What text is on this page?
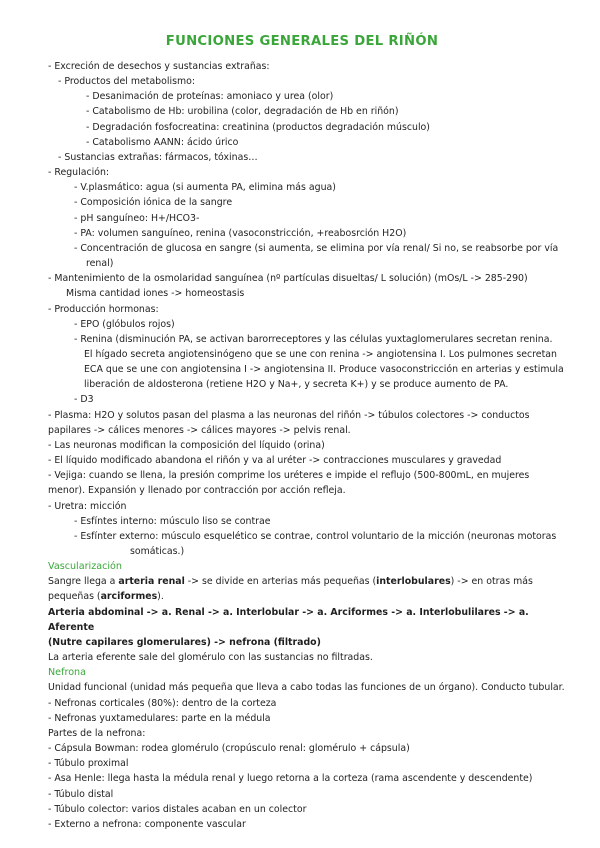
FUNCIONES GENERALES DEL RIÑÓN
- Excreción de desechos y sustancias extrañas:
- Productos del metabolismo:
- Desanimación de proteínas: amoniaco y urea (olor)
- Catabolismo de Hb: urobilina (color, degradación de Hb en riñón)
- Degradación fosfocreatina: creatinina (productos degradación músculo)
- Catabolismo AANN: ácido úrico
- Sustancias extrañas: fármacos, tóxinas…
- Regulación:
- V.plasmático: agua (si aumenta PA, elimina más agua)
- Composición iónica de la sangre
- pH sanguíneo: H+/HCO3-
- PA: volumen sanguíneo, renina (vasoconstricción, +reabosrción H2O)
- Concentración de glucosa en sangre (si aumenta, se elimina por vía renal/ Si no, se reabsorbe por vía
renal)
- Mantenimiento de la osmolaridad sanguínea (nº partículas disueltas/ L solución) (mOs/L -> 285-290)
Misma cantidad iones -> homeostasis
- Producción hormonas:
- EPO (glóbulos rojos)
- Renina (disminución PA, se activan barorreceptores y las células yuxtaglomerulares secretan renina.
El hígado secreta angiotensinógeno que se une con renina -> angiotensina I. Los pulmones secretan
ECA que se une con angiotensina I -> angiotensina II. Produce vasoconstricción en arterias y estimula
liberación de aldosterona (retiene H2O y Na+, y secreta K+) y se produce aumento de PA.
- D3
- Plasma: H2O y solutos pasan del plasma a las neuronas del riñón -> túbulos colectores -> conductos
papilares -> cálices menores -> cálices mayores -> pelvis renal.
- Las neuronas modifican la composición del líquido (orina)
- El líquido modificado abandona el riñón y va al uréter -> contracciones musculares y gravedad
- Vejiga: cuando se llena, la presión comprime los uréteres e impide el reflujo (500-800mL, en mujeres
menor). Expansión y llenado por contracción por acción refleja.
- Uretra: micción
- Esfíntes interno: músculo liso se contrae
- Esfínter externo: músculo esquelético se contrae, control voluntario de la micción (neuronas motoras
somáticas.)
Vascularización
Sangre llega a arteria renal -> se divide en arterias más pequeñas (interlobulares) -> en otras más
pequeñas (arciformes).
Arteria abdominal -> a. Renal -> a. Interlobular -> a. Arciformes -> a. Interlobulilares -> a. Aferente
(Nutre capilares glomerulares) -> nefrona (filtrado)
La arteria eferente sale del glomérulo con las sustancias no filtradas.
Nefrona
Unidad funcional (unidad más pequeña que lleva a cabo todas las funciones de un órgano). Conducto tubular.
- Nefronas corticales (80%): dentro de la corteza
- Nefronas yuxtamedulares: parte en la médula
Partes de la nefrona:
- Cápsula Bowman: rodea glomérulo (cropúsculo renal: glomérulo + cápsula)
- Túbulo proximal
- Asa Henle: llega hasta la médula renal y luego retorna a la corteza (rama ascendente y descendente)
- Túbulo distal
- Túbulo colector: varios distales acaban en un colector
- Externo a nefrona: componente vascular
